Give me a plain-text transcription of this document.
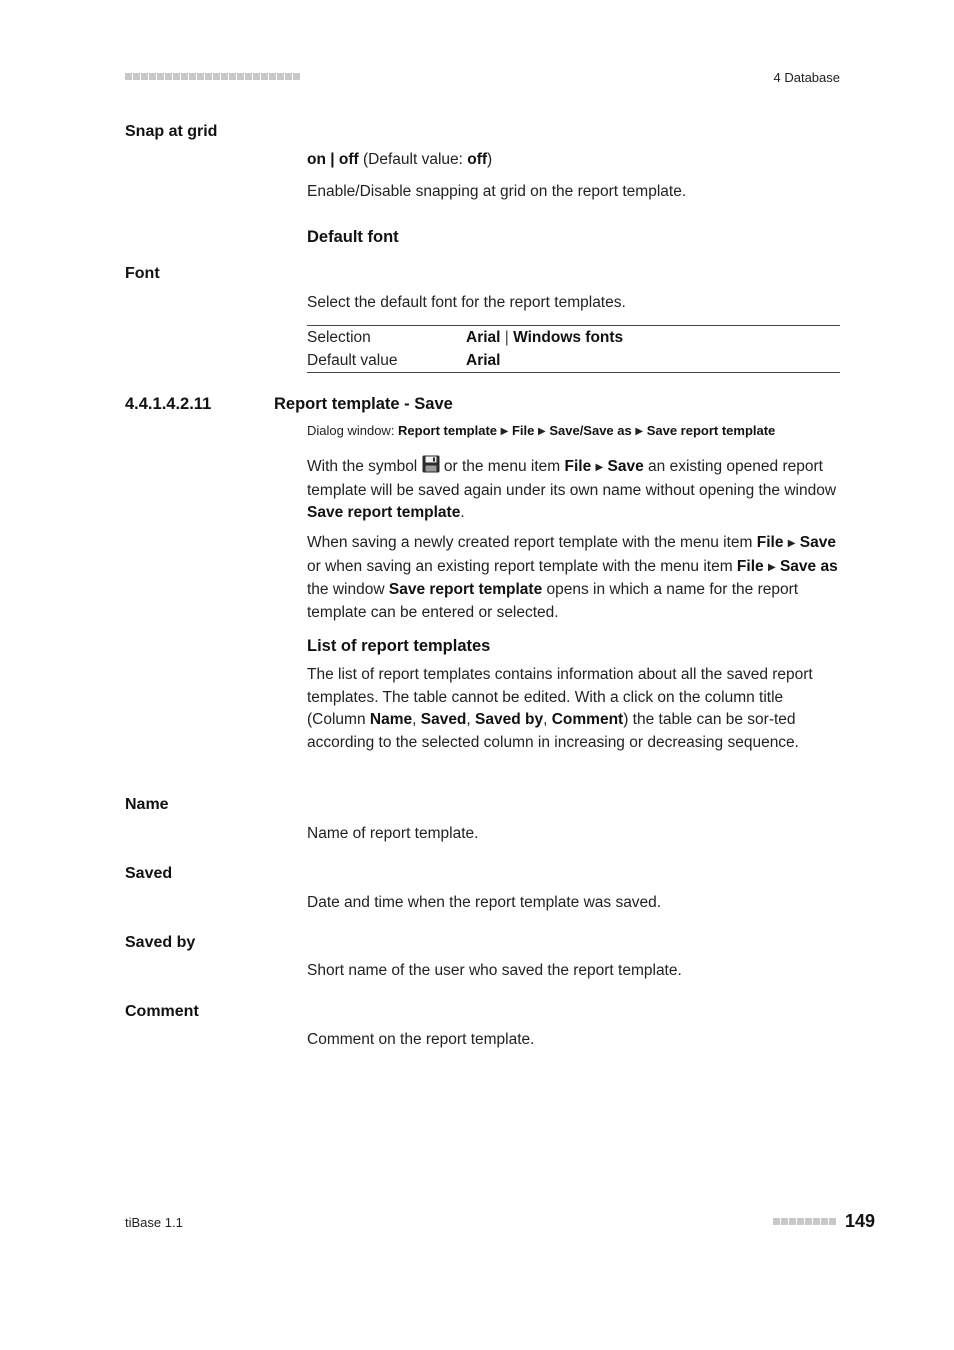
4 Database
Snap at grid
on | off (Default value: off)
Enable/Disable snapping at grid on the report template.
Default font
Font
Select the default font for the report templates.
Selection	Arial | Windows fonts
Default value	Arial
4.4.1.4.2.11	Report template - Save
Dialog window: Report template ▶ File ▶ Save/Save as ▶ Save report template
With the symbol  or the menu item File ▶ Save an existing opened report template will be saved again under its own name without opening the window Save report template.
When saving a newly created report template with the menu item File ▶ Save or when saving an existing report template with the menu item File ▶ Save as the window Save report template opens in which a name for the report template can be entered or selected.
List of report templates
The list of report templates contains information about all the saved report templates. The table cannot be edited. With a click on the column title (Column Name, Saved, Saved by, Comment) the table can be sor-ted according to the selected column in increasing or decreasing sequence.
Name
Name of report template.
Saved
Date and time when the report template was saved.
Saved by
Short name of the user who saved the report template.
Comment
Comment on the report template.
tiBase 1.1	149
